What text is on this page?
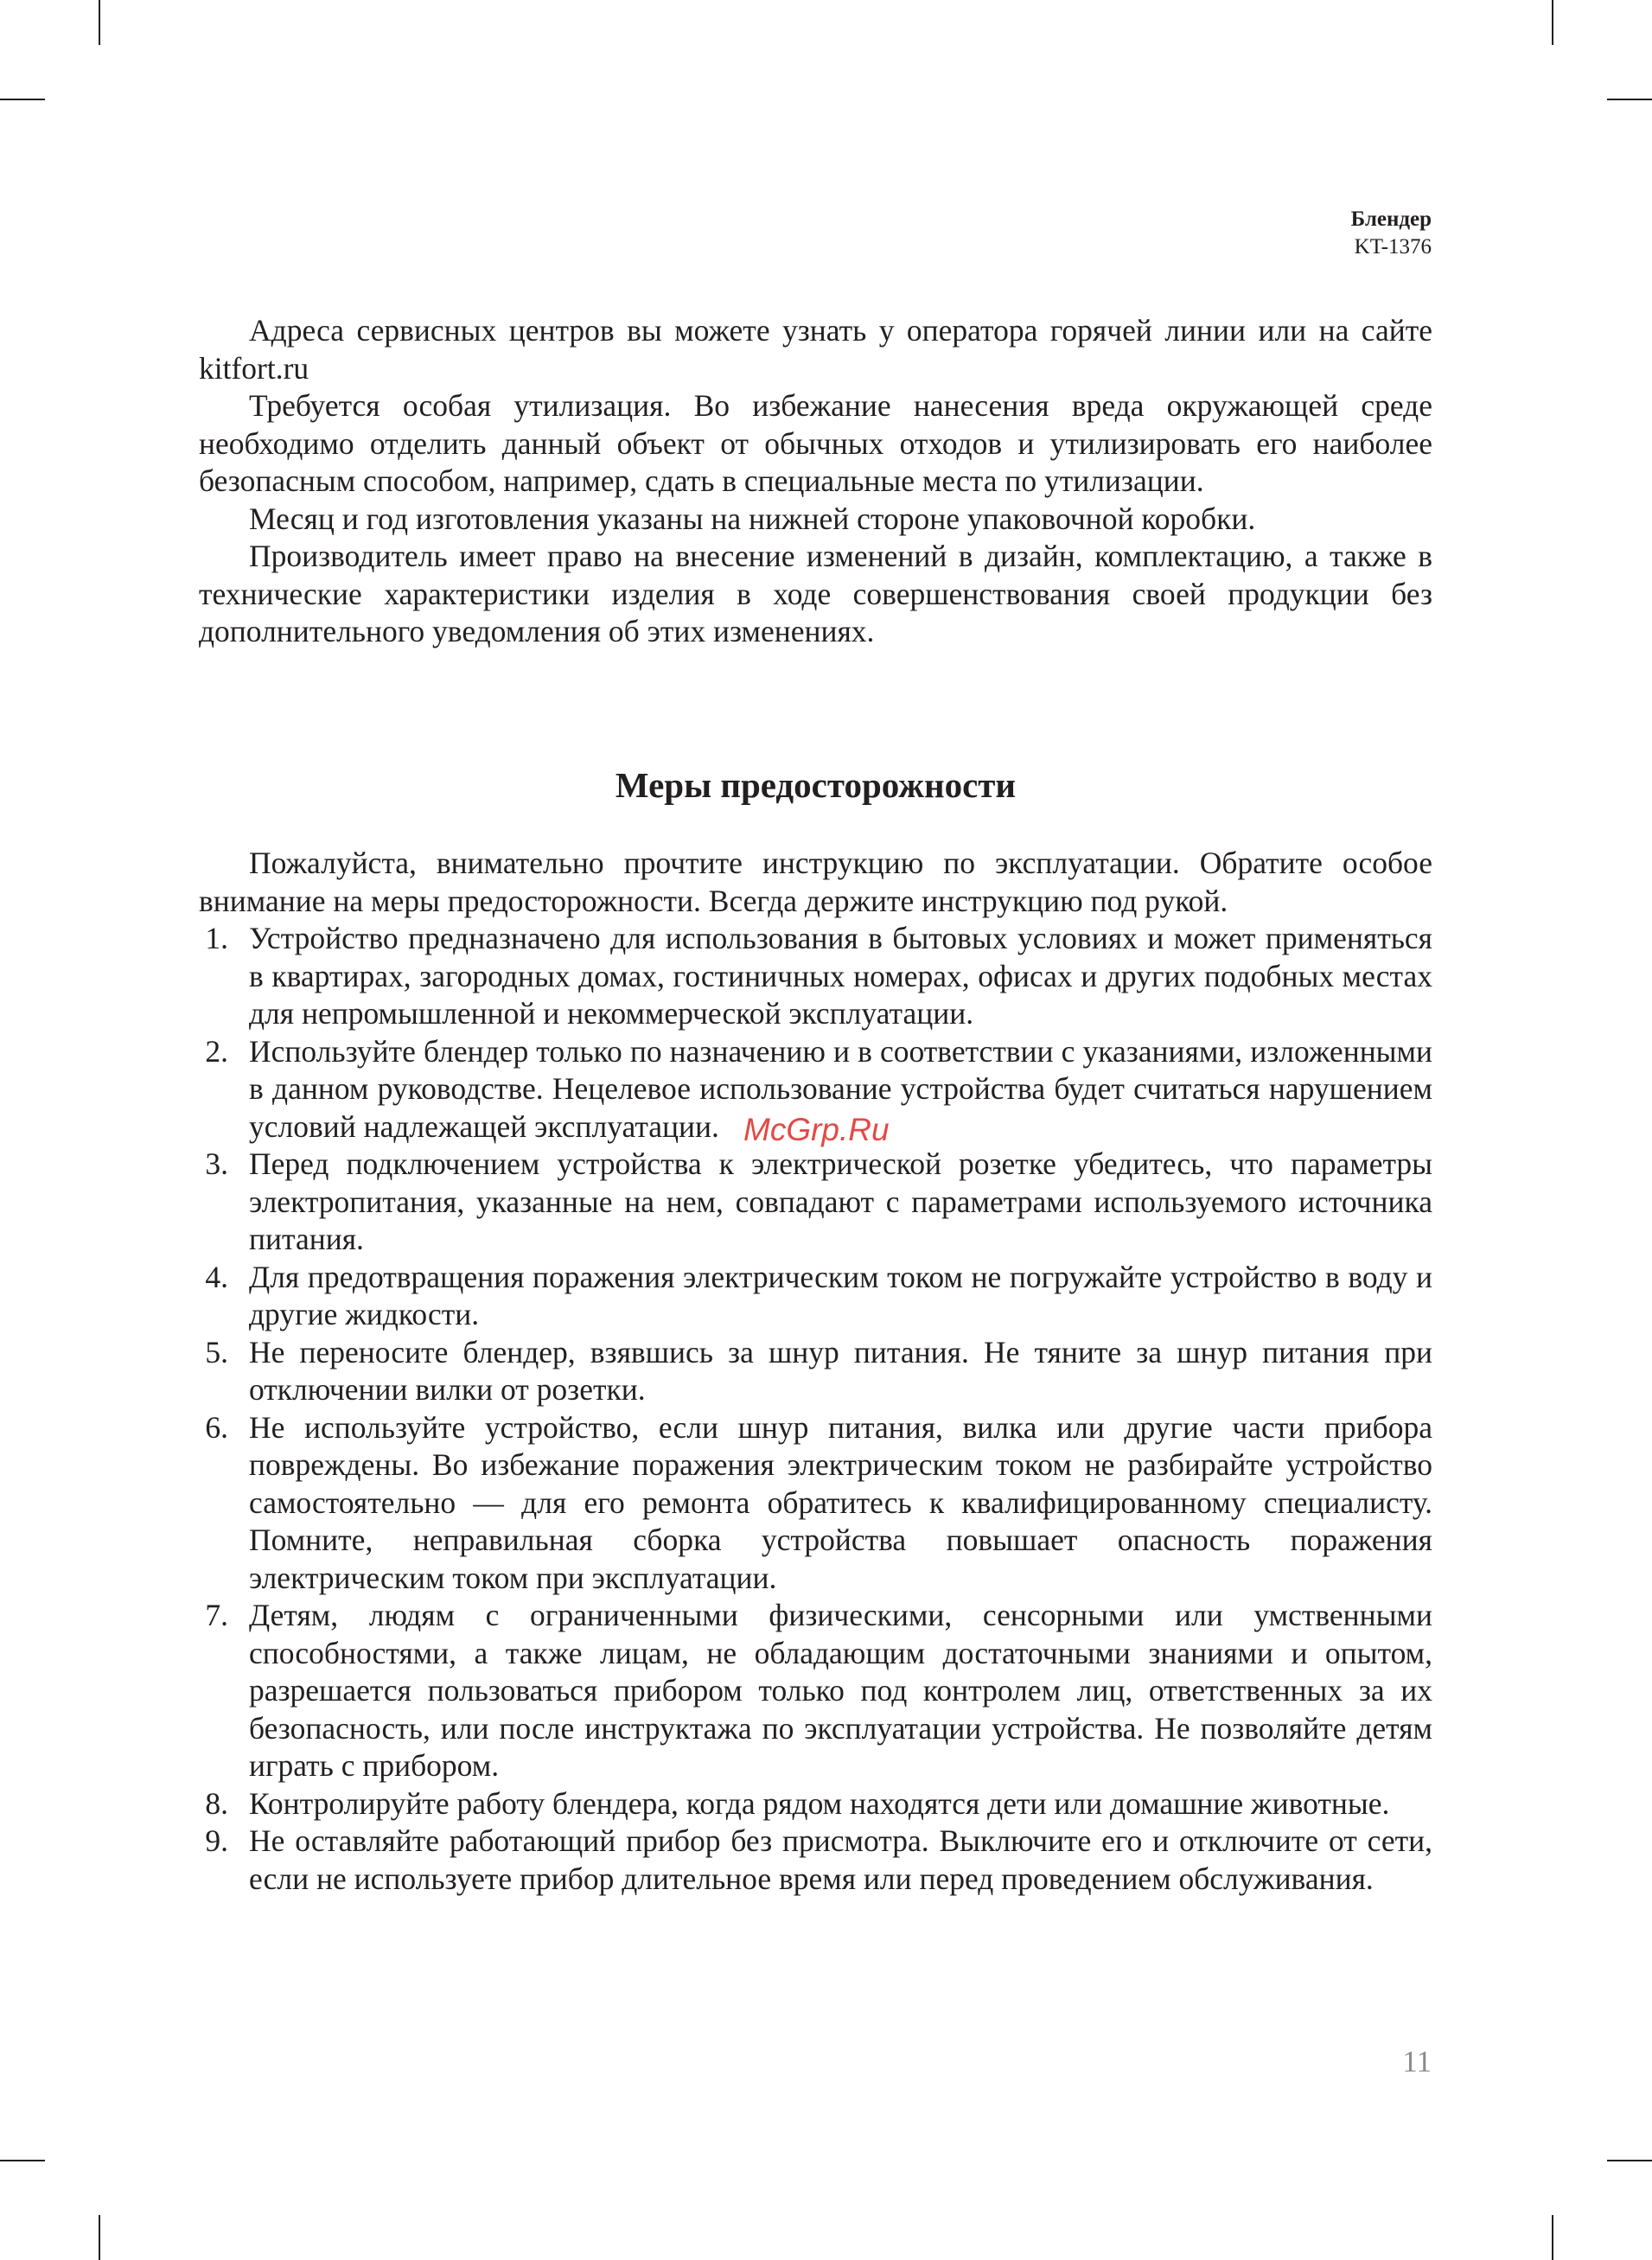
Блендер
KT-1376

Адреса сервисных центров вы можете узнать у оператора горячей линии или на сайте kitfort.ru

Требуется особая утилизация. Во избежание нанесения вреда окружающей среде необходимо отделить данный объект от обычных отходов и утилизировать его наиболее безопасным способом, например, сдать в специальные места по утилизации.

Месяц и год изготовления указаны на нижней стороне упаковочной коробки.

Производитель имеет право на внесение изменений в дизайн, комплектацию, а также в технические характеристики изделия в ходе совершенствования своей продукции без дополнительного уведомления об этих изменениях.

Меры предосторожности

Пожалуйста, внимательно прочтите инструкцию по эксплуатации. Обратите особое внимание на меры предосторожности. Всегда держите инструкцию под рукой.

1. Устройство предназначено для использования в бытовых условиях и может применяться в квартирах, загородных домах, гостиничных номерах, офисах и других подобных местах для непромышленной и некоммерческой эксплуатации.
2. Используйте блендер только по назначению и в соответствии с указаниями, изложенными в данном руководстве. Нецелевое использование устройства будет считаться нарушением условий надлежащей эксплуатации.
3. Перед подключением устройства к электрической розетке убедитесь, что параметры электропитания, указанные на нем, совпадают с параметрами используемого источника питания.
4. Для предотвращения поражения электрическим током не погружайте устройство в воду и другие жидкости.
5. Не переносите блендер, взявшись за шнур питания. Не тяните за шнур питания при отключении вилки от розетки.
6. Не используйте устройство, если шнур питания, вилка или другие части прибора повреждены. Во избежание поражения электрическим током не разбирайте устройство самостоятельно — для его ремонта обратитесь к квалифицированному специалисту. Помните, неправильная сборка устройства повышает опасность поражения электрическим током при эксплуатации.
7. Детям, людям с ограниченными физическими, сенсорными или умственными способностями, а также лицам, не обладающим достаточными знаниями и опытом, разрешается пользоваться прибором только под контролем лиц, ответственных за их безопасность, или после инструктажа по эксплуатации устройства. Не позволяйте детям играть с прибором.
8. Контролируйте работу блендера, когда рядом находятся дети или домашние животные.
9. Не оставляйте работающий прибор без присмотра. Выключите его и отключите от сети, если не используете прибор длительное время или перед проведением обслуживания.
McGrp.Ru
11
